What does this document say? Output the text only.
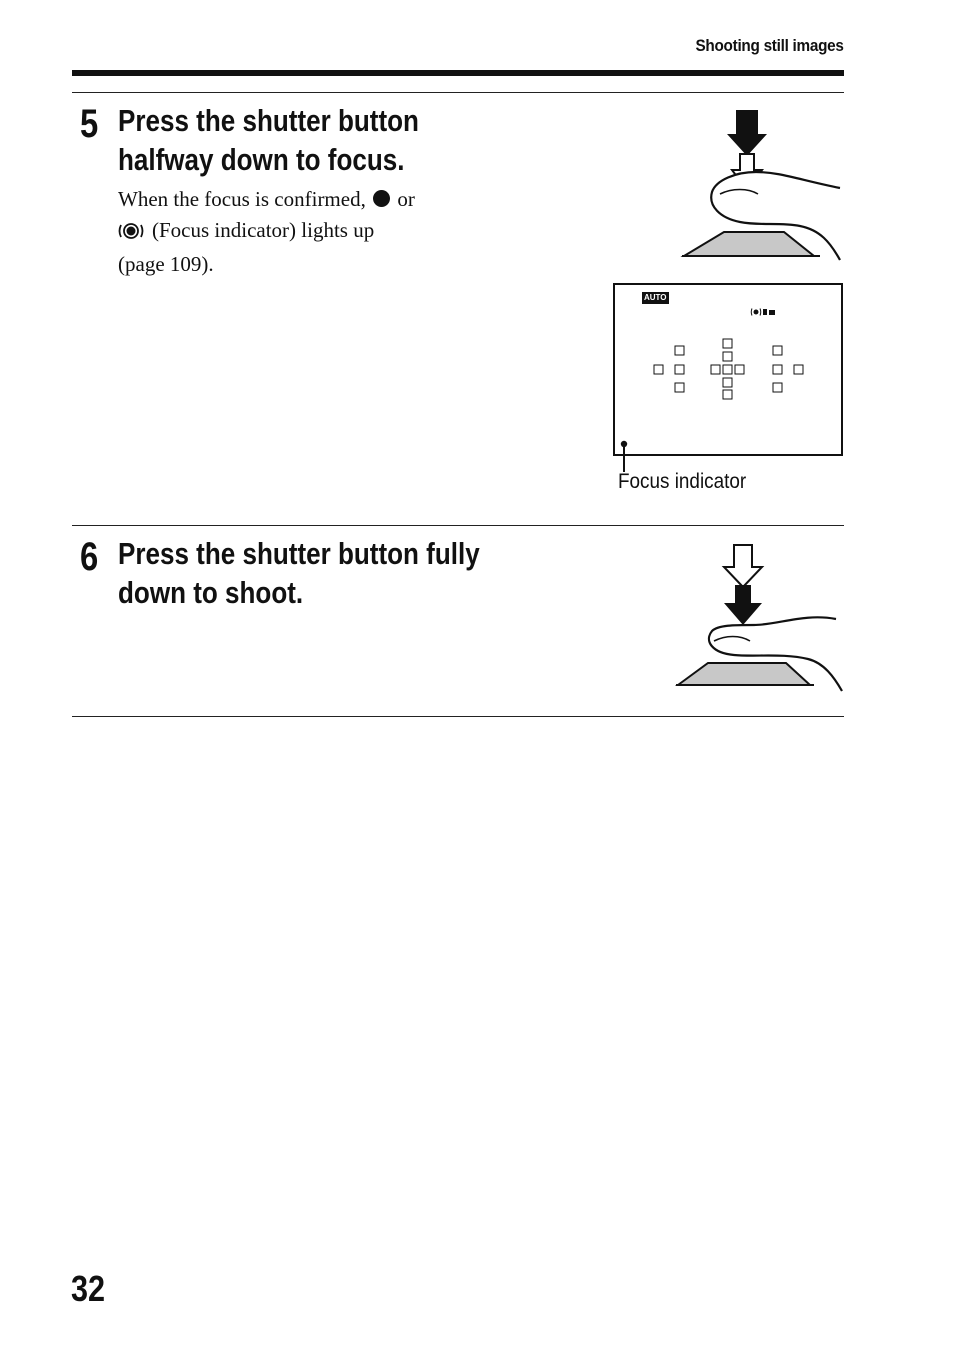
Shooting still images
5 Press the shutter button
halfway down to focus.
When the focus is confirmed, or
(Focus indicator) lights up
(page 109).
AUTO
Focus indicator
6 Press the shutter button fully
down to shoot.
32
